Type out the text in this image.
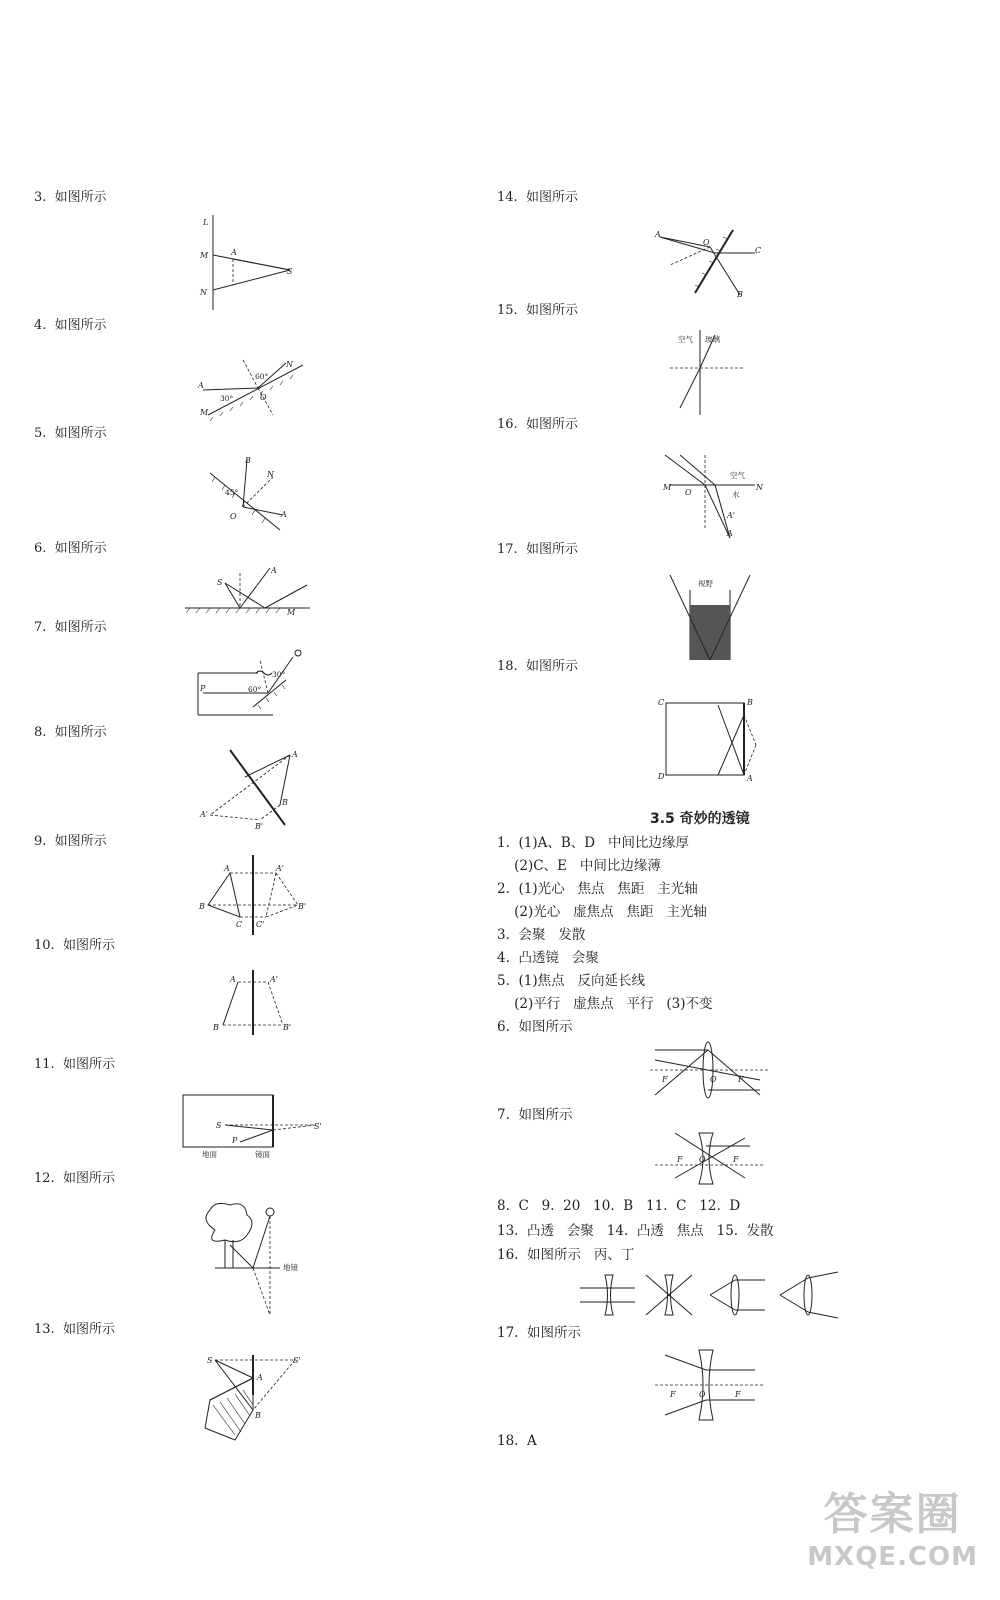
3.  如图所示
4.  如图所示
5.  如图所示
6.  如图所示
7.  如图所示
8.  如图所示
9.  如图所示
10.  如图所示
11.  如图所示
12.  如图所示
13.  如图所示
14.  如图所示
15.  如图所示
16.  如图所示
17.  如图所示
18.  如图所示
3.5 奇妙的透镜
1.  (1)A、B、D   中间比边缘厚
(2)C、E   中间比边缘薄
2.  (1)光心   焦点   焦距   主光轴
(2)光心   虚焦点   焦距   主光轴
3.  会聚   发散
4.  凸透镜   会聚
5.  (1)焦点   反向延长线
(2)平行   虚焦点   平行   (3)不变
6.  如图所示
7.  如图所示
8.  C   9.  20   10.  B   11.  C   12.  D
13.  凸透   会聚   14.  凸透   焦点   15.  发散
16.  如图所示   丙、丁
17.  如图所示
18.  A
L
M
N
A
S
A
M
N
O
60°
30°
B
N
O	A
45°
S
A
M
P	60°
30°
A
B
A'
B'
A	A'
B	B'
C C'
A	A'
B	B'
S	S'
P
地面	镜面
地镜
S	S'
A
B
A
O
C
B
空气 玻璃
空气
水
M	N
O
A
A'
视野
C	B
D	A
F	F
O
F	F
O
F	F
O
答案圈
MXQE.COM
